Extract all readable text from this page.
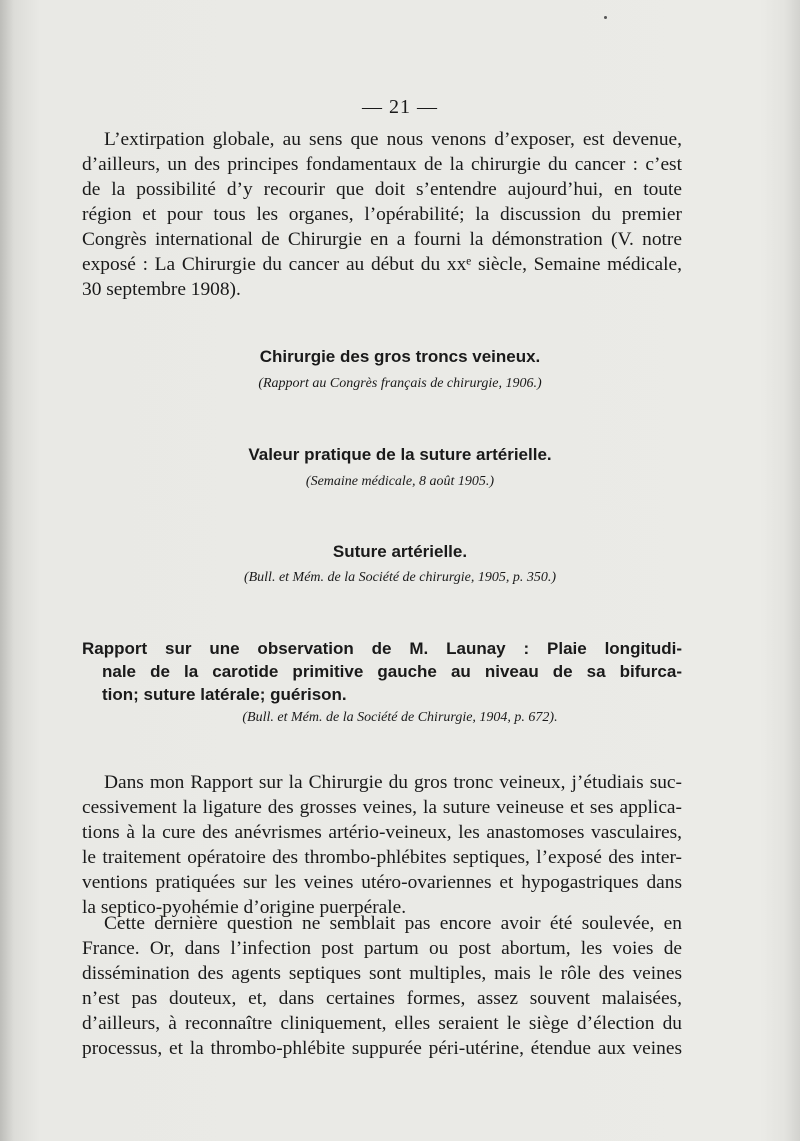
— 21 —
L’extirpation globale, au sens que nous venons d’exposer, est devenue,
d’ailleurs, un des principes fondamentaux de la chirurgie du cancer : c’est
de la possibilité d’y recourir que doit s’entendre aujourd’hui, en toute
région et pour tous les organes, l’opérabilité; la discussion du premier
Congrès international de Chirurgie en a fourni la démonstration (V. notre
exposé : La Chirurgie du cancer au début du xxᵉ siècle, Semaine médicale,
30 septembre 1908).
Chirurgie des gros troncs veineux.
(Rapport au Congrès français de chirurgie, 1906.)
Valeur pratique de la suture artérielle.
(Semaine médicale, 8 août 1905.)
Suture artérielle.
(Bull. et Mém. de la Société de chirurgie, 1905, p. 350.)
Rapport sur une observation de M. Launay : Plaie longitudi-
nale de la carotide primitive gauche au niveau de sa bifurca-
tion; suture latérale; guérison.
(Bull. et Mém. de la Société de Chirurgie, 1904, p. 672).
Dans mon Rapport sur la Chirurgie du gros tronc veineux, j’étudiais suc-
cessivement la ligature des grosses veines, la suture veineuse et ses applica-
tions à la cure des anévrismes artério-veineux, les anastomoses vasculaires,
le traitement opératoire des thrombo-phlébites septiques, l’exposé des inter-
ventions pratiquées sur les veines utéro-ovariennes et hypogastriques dans
la septico-pyohémie d’origine puerpérale.
Cette dernière question ne semblait pas encore avoir été soulevée, en
France. Or, dans l’infection post partum ou post abortum, les voies de
dissémination des agents septiques sont multiples, mais le rôle des veines
n’est pas douteux, et, dans certaines formes, assez souvent malaisées,
d’ailleurs, à reconnaître cliniquement, elles seraient le siège d’élection du
processus, et la thrombo-phlébite suppurée péri-utérine, étendue aux veines
